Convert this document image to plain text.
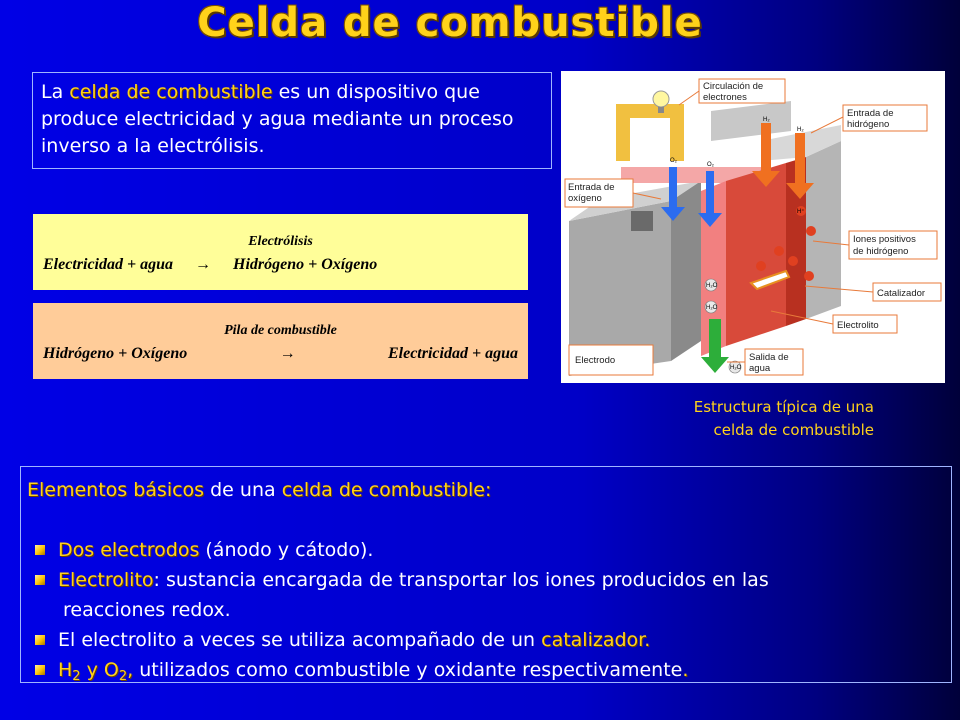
Celda de combustible
La celda de combustible es un dispositivo que produce electricidad y agua mediante un proceso inverso a la electrólisis.
Electrólisis
Electricidad + agua → Hidrógeno + Oxígeno
Pila de combustible
Hidrógeno + Oxígeno	→	Electricidad + agua
Circulación de
electrones
Entrada de
hidrógeno
Entrada de
oxígeno
Iones positivos
de hidrógeno
Catalizador
Electrolito
Electrodo	Salida de
agua
O₂
O₂
H₂
H₂
H⁺
H₂O
H₂O
H₂O
Estructura típica de una
celda de combustible
Elementos básicos de una celda de combustible:
Dos electrodos (ánodo y cátodo).
Electrolito: sustancia encargada de transportar los iones producidos en las
reacciones redox.
El electrolito a veces se utiliza acompañado de un catalizador.
$H_2$ y $O_2$, utilizados como combustible y oxidante respectivamente.
